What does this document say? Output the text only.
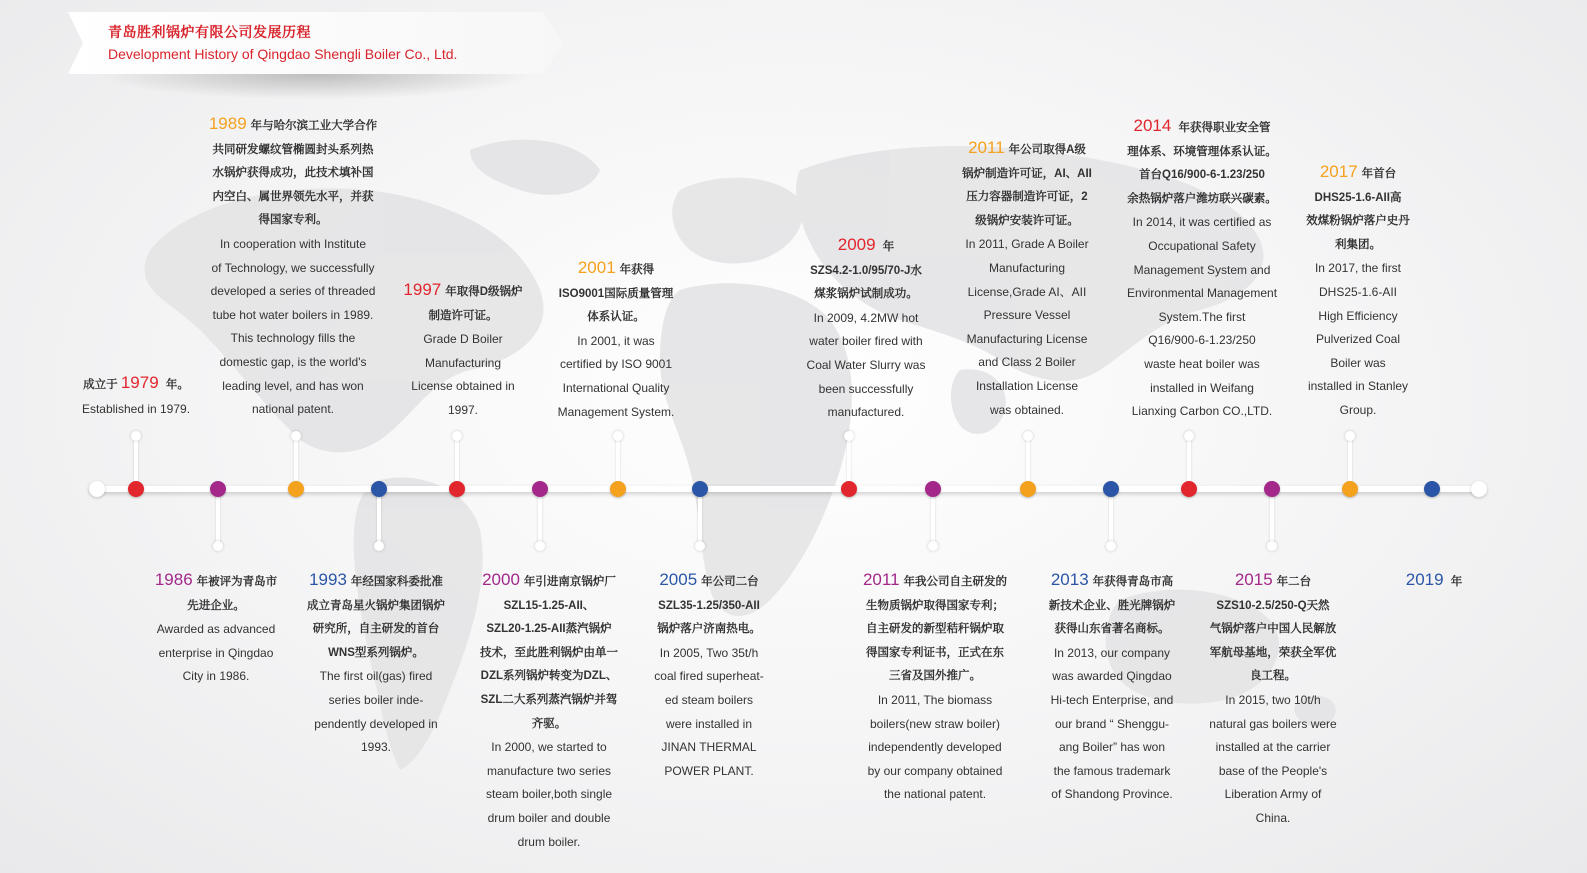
青岛胜利锅炉有限公司发展历程
Development History of Qingdao Shengli Boiler Co., Ltd.
成立于 1979 年。
Established in 1979.
1986 年被评为青岛市
先进企业。
Awarded as advanced
enterprise in Qingdao
City in 1986.
1989 年与哈尔滨工业大学合作
共同研发螺纹管椭圆封头系列热
水锅炉获得成功，此技术填补国
内空白、属世界领先水平，并获
得国家专利。
In cooperation with Institute
of Technology, we successfully
developed a series of threaded
tube hot water boilers in 1989.
This technology fills the
domestic gap, is the world's
leading level, and has won
national patent.
1993 年经国家科委批准
成立青岛星火锅炉集团锅炉
研究所，自主研发的首台
WNS型系列锅炉。
The first oil(gas) fired
series boiler inde-
pendently developed in
1993.
1997 年取得D级锅炉
制造许可证。
Grade D Boiler
Manufacturing
License obtained in
1997.
2000 年引进南京锅炉厂
SZL15-1.25-AII、
SZL20-1.25-AII蒸汽锅炉
技术，至此胜利锅炉由单一
DZL系列锅炉转变为DZL、
SZL二大系列蒸汽锅炉并驾
齐驱。
In 2000, we started to
manufacture two series
steam boiler,both single
drum boiler and double
drum boiler.
2001 年获得
ISO9001国际质量管理
体系认证。
In 2001, it was
certified by ISO 9001
International Quality
Management System.
2005 年公司二台
SZL35-1.25/350-AII
锅炉落户济南热电。
In 2005, Two 35t/h
coal fired superheat-
ed steam boilers
were installed in
JINAN THERMAL
POWER PLANT.
2009 年
SZS4.2-1.0/95/70-J水
煤浆锅炉试制成功。
In 2009, 4.2MW hot
water boiler fired with
Coal Water Slurry was
been successfully
manufactured.
2011 年我公司自主研发的
生物质锅炉取得国家专利；
自主研发的新型秸秆锅炉取
得国家专利证书，正式在东
三省及国外推广。
In 2011, The biomass
boilers(new straw boiler)
independently developed
by our company obtained
the national patent.
2011 年公司取得A级
锅炉制造许可证，AI、AII
压力容器制造许可证，2
级锅炉安装许可证。
In 2011, Grade A Boiler
Manufacturing
License,Grade AI、AII
Pressure Vessel
Manufacturing License
and Class 2 Boiler
Installation License
was obtained.
2013 年获得青岛市高
新技术企业、胜光牌锅炉
获得山东省著名商标。
In 2013, our company
was awarded Qingdao
Hi-tech Enterprise, and
our brand “ Shenggu-
ang Boiler” has won
the famous trademark
of Shandong Province.
2014 年获得职业安全管
理体系、环境管理体系认证。
首台Q16/900-6-1.23/250
余热锅炉落户潍坊联兴碳素。
In 2014, it was certified as
Occupational Safety
Management System and
Environmental Management
System.The first
Q16/900-6-1.23/250
waste heat boiler was
installed in Weifang
Lianxing Carbon CO.,LTD.
2015 年二台
SZS10-2.5/250-Q天然
气锅炉落户中国人民解放
军航母基地，荣获全军优
良工程。
In 2015, two 10t/h
natural gas boilers were
installed at the carrier
base of the People's
Liberation Army of
China.
2017 年首台
DHS25-1.6-AII高
效煤粉锅炉落户史丹
利集团。
In 2017, the first
DHS25-1.6-AII
High Efficiency
Pulverized Coal
Boiler was
installed in Stanley
Group.
2019 年
